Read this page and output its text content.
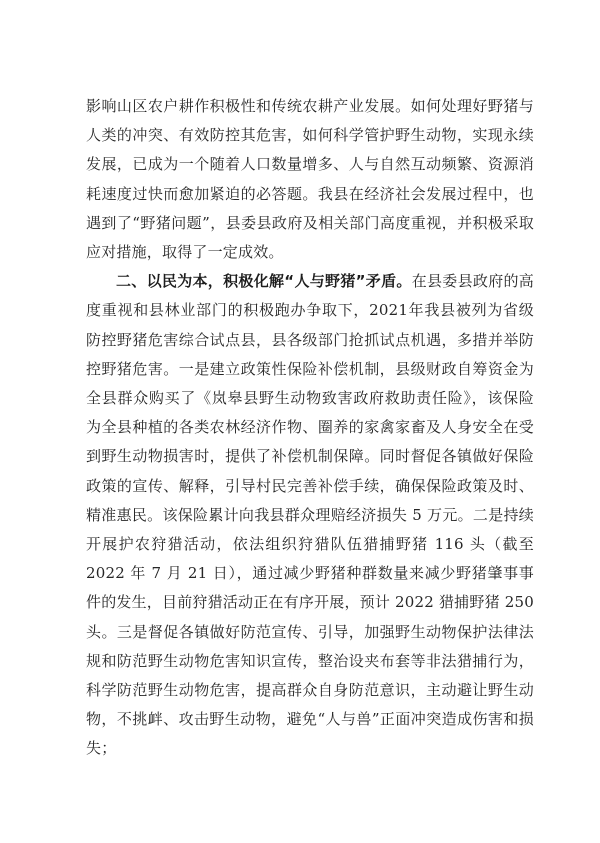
影响山区农户耕作积极性和传统农耕产业发展。如何处理好野猪与人类的冲突、有效防控其危害，如何科学管护野生动物，实现永续发展，已成为一个随着人口数量增多、人与自然互动频繁、资源消耗速度过快而愈加紧迫的必答题。我县在经济社会发展过程中，也遇到了“野猪问题”，县委县政府及相关部门高度重视，并积极采取应对措施，取得了一定成效。

二、以民为本，积极化解“人与野猪”矛盾。在县委县政府的高度重视和县林业部门的积极跑办争取下，2021年我县被列为省级防控野猪危害综合试点县，县各级部门抢抓试点机遇，多措并举防控野猪危害。一是建立政策性保险补偿机制，县级财政自筹资金为全县群众购买了《岚皋县野生动物致害政府救助责任险》，该保险为全县种植的各类农林经济作物、圈养的家禽家畜及人身安全在受到野生动物损害时，提供了补偿机制保障。同时督促各镇做好保险政策的宣传、解释，引导村民完善补偿手续，确保保险政策及时、精准惠民。该保险累计向我县群众理赔经济损失 5 万元。二是持续开展护农狩猎活动，依法组织狩猎队伍猎捕野猪 116 头（截至 2022 年 7 月 21 日），通过减少野猪种群数量来减少野猪肇事事件的发生，目前狩猎活动正在有序开展，预计 2022 猎捕野猪 250 头。三是督促各镇做好防范宣传、引导，加强野生动物保护法律法规和防范野生动物危害知识宣传，整治设夹布套等非法猎捕行为，科学防范野生动物危害，提高群众自身防范意识，主动避让野生动物，不挑衅、攻击野生动物，避免“人与兽”正面冲突造成伤害和损失；
